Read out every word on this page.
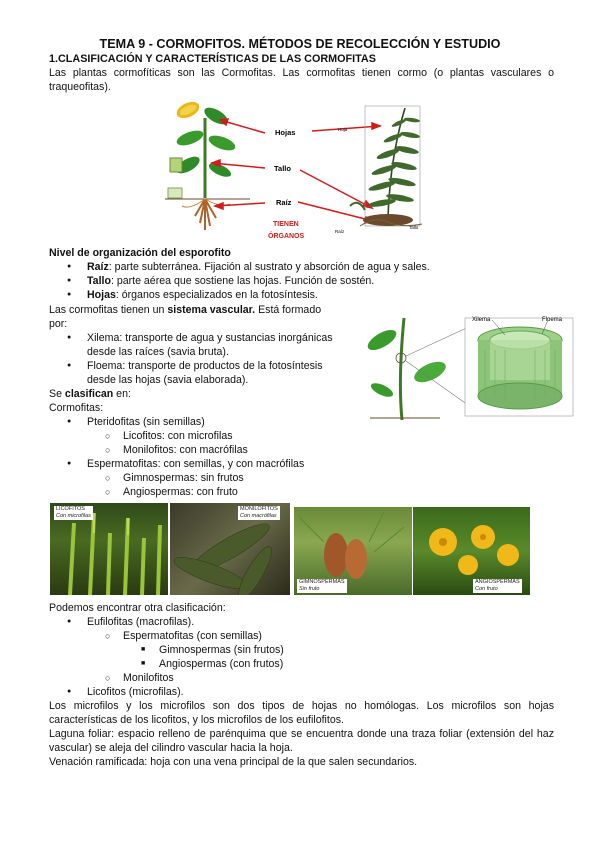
TEMA 9 - CORMOFITOS. MÉTODOS DE RECOLECCIÓN Y ESTUDIO
1.CLASIFICACIÓN Y CARACTERÍSTICAS DE LAS CORMOFITAS
Las plantas cormofíticas son las Cormofitas. Las cormofitas tienen cormo (o plantas vasculares o traqueofitas).
Hojas
Tallo
Raíz
TIENEN
ÓRGANOS
Hoja
Tallo
Raíz
Nivel de organización del esporofito
● Raíz: parte subterránea. Fijación al sustrato y absorción de agua y sales.
● Tallo: parte aérea que sostiene las hojas. Función de sostén.
● Hojas: órganos especializados en la fotosíntesis.
Las cormofitas tienen un sistema vascular. Está formado
por:
● Xilema: transporte de agua y sustancias inorgánicas
desde las raíces (savia bruta).
● Floema: transporte de productos de la fotosíntesis
desde las hojas (savia elaborada).
Xilema	Floema
Se clasifican en:
Cormofitas:
● Pteridofitas (sin semillas)
○ Licofitos: con microfilas
○ Monilofitos: con macrófilas
● Espermatofitas: con semillas, y con macrófilas
○ Gimnospermas: sin frutos
○ Angiospermas: con fruto
LICOFITOS
Con microfilas
MONILOFITOS
Con macrófilas
GIMNOSPERMAS
Sin fruto
ANGIOSPERMAS
Con fruto
Podemos encontrar otra clasificación:
● Eufilofitas (macrofilas).
○ Espermatofitas (con semillas)
■ Gimnospermas (sin frutos)
■ Angiospermas (con frutos)
○ Monilofitos
● Licofitos (microfilas).
Los microfilos y los microfilos son dos tipos de hojas no homólogas. Los microfilos son hojas características de los licofitos, y los microfilos de los eufilofitos.
Laguna foliar: espacio relleno de parénquima que se encuentra donde una traza foliar (extensión del haz vascular) se aleja del cilindro vascular hacia la hoja.
Venación ramificada: hoja con una vena principal de la que salen secundarios.
